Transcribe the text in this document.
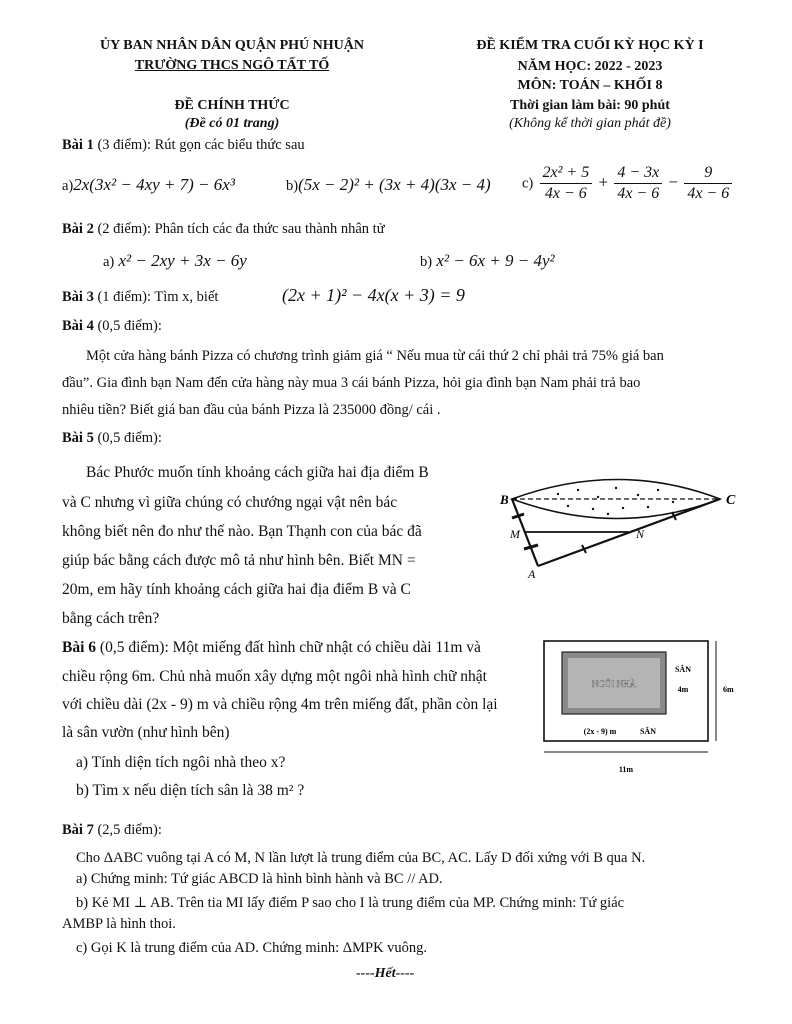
ỦY BAN NHÂN DÂN QUẬN PHÚ NHUẬN
TRƯỜNG THCS NGÔ TẤT TỐ
ĐỀ CHÍNH THỨC
(Đề có 01 trang)
ĐỀ KIỂM TRA CUỐI KỲ HỌC KỲ I
NĂM HỌC: 2022 - 2023
MÔN: TOÁN – KHỐI 8
Thời gian làm bài: 90 phút
(Không kể thời gian phát đề)
Bài 1 (3 điểm): Rút gọn các biểu thức sau
a)2x(3x² − 4xy + 7) − 6x³	b)(5x − 2)² + (3x + 4)(3x − 4) $c) \frac{\text{2x² + 5}}{4x - 6} + \frac{4 - 3x}{4x - 6} - \frac{9}{4x - 6}$
Bài 2 (2 điểm): Phân tích các đa thức sau thành nhân tử
a) x² − 2xy + 3x − 6y	b) x² − 6x + 9 − 4y²
Bài 3 (1 điểm): Tìm x, biết	(2x + 1)² − 4x(x + 3) = 9
Bài 4 (0,5 điểm):
Một cửa hàng bánh Pizza có chương trình giảm giá “ Nếu mua từ cái thứ 2 chỉ phải trả 75% giá ban
đầu”. Gia đình bạn Nam đến cửa hàng này mua 3 cái bánh Pizza, hỏi gia đình bạn Nam phải trả bao
nhiêu tiền? Biết giá ban đầu của bánh Pizza là 235000 đồng/ cái .
Bài 5 (0,5 điểm):
Bác Phước muốn tính khoảng cách giữa hai địa điểm B
và C nhưng vì giữa chúng có chướng ngại vật nên bác
không biết nên đo như thế nào. Bạn Thạnh con của bác đã
giúp bác bằng cách được mô tả như hình bên. Biết MN =
20m, em hãy tính khoảng cách giữa hai địa điểm B và C
bằng cách trên?
B	C
M	N
A
Bài 6 (0,5 điểm): Một miếng đất hình chữ nhật có chiều dài 11m và
chiều rộng 6m. Chủ nhà muốn xây dựng một ngôi nhà hình chữ nhật
với chiều dài (2x - 9) m và chiều rộng 4m trên miếng đất, phần còn lại
là sân vườn (như hình bên)
a) Tính diện tích ngôi nhà theo x?
b) Tìm x nếu diện tích sân là 38 m² ?
NGÔI NHÀ
SÂN
4m	6m
(2x - 9) m	SÂN
11m
Bài 7 (2,5 điểm):
Cho ΔABC vuông tại A có M, N lần lượt là trung điểm của BC, AC. Lấy D đối xứng với B qua N.
a) Chứng minh: Tứ giác ABCD là hình bình hành và BC // AD.
b) Kẻ MI ⊥ AB. Trên tia MI lấy điểm P sao cho I là trung điểm của MP. Chứng minh: Tứ giác
AMBP là hình thoi.
c) Gọi K là trung điểm của AD. Chứng minh: ΔMPK vuông.
----Hết----
